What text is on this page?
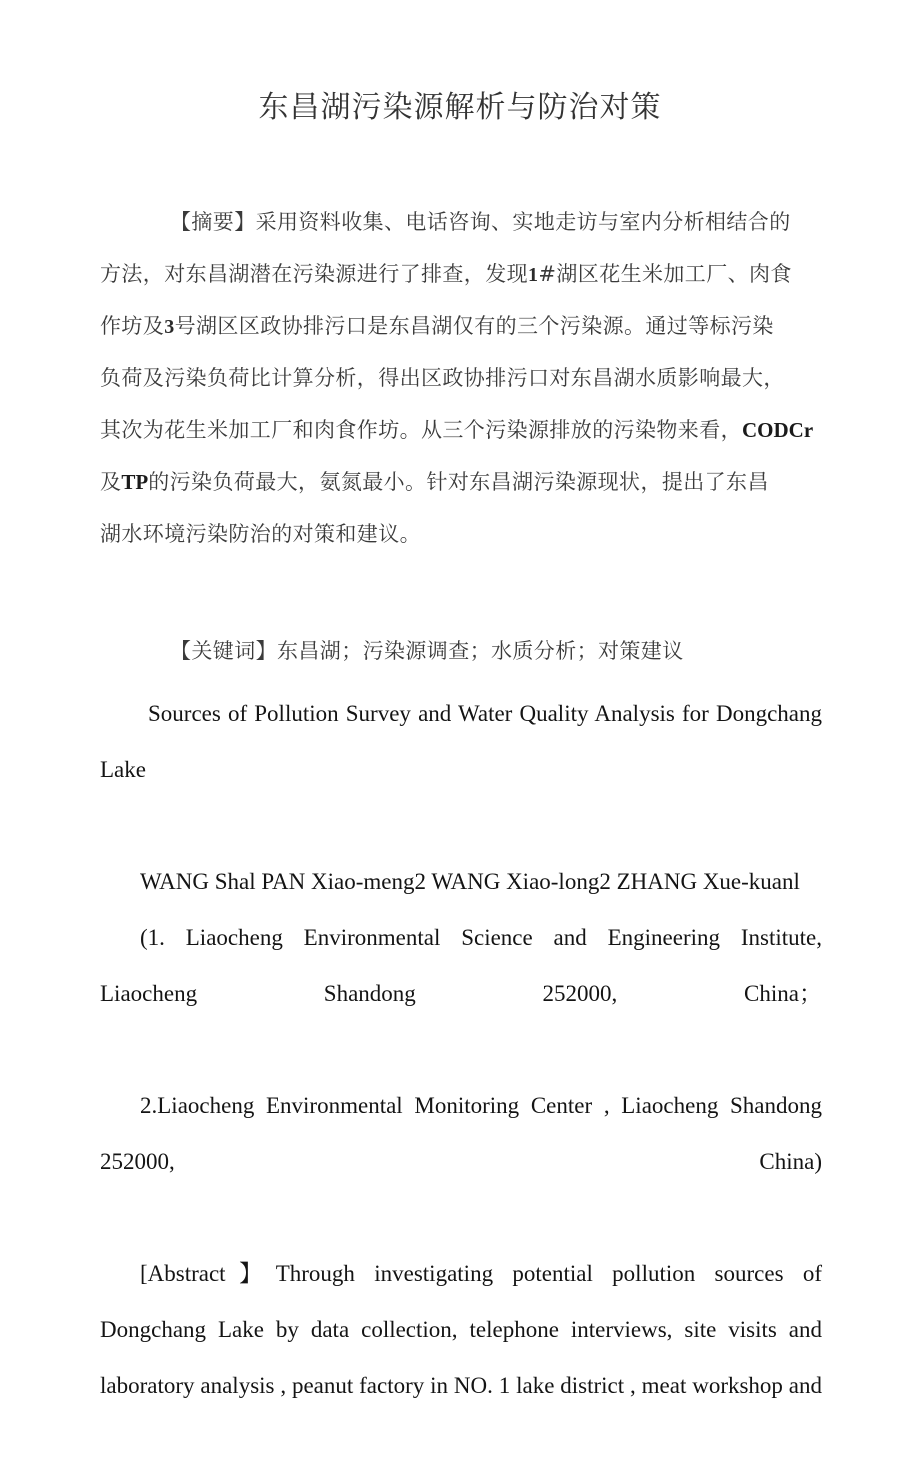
东昌湖污染源解析与防治对策
【摘要】采用资料收集、电话咨询、实地走访与室内分析相结合的
方法，对东昌湖潜在污染源进行了排查，发现1#湖区花生米加工厂、肉食
作坊及3号湖区区政协排污口是东昌湖仅有的三个污染源。通过等标污染
负荷及污染负荷比计算分析，得出区政协排污口对东昌湖水质影响最大，
其次为花生米加工厂和肉食作坊。从三个污染源排放的污染物来看，CODCr
及TP的污染负荷最大，氨氮最小。针对东昌湖污染源现状，提出了东昌
湖水环境污染防治的对策和建议。
【关键词】东昌湖；污染源调查；水质分析；对策建议

Sources of Pollution Survey and Water Quality Analysis for Dongchang Lake

WANG Shal PAN Xiao-meng2 WANG Xiao-long2 ZHANG Xue-kuanl

(1. Liaocheng Environmental Science and Engineering Institute, Liaocheng Shandong 252000, China；

2.Liaocheng Environmental Monitoring Center , Liaocheng Shandong 252000, China)

[Abstract】Through investigating potential pollution sources of Dongchang Lake by data collection, telephone interviews, site visits and laboratory analysis , peanut factory in NO. 1 lake district , meat workshop and
